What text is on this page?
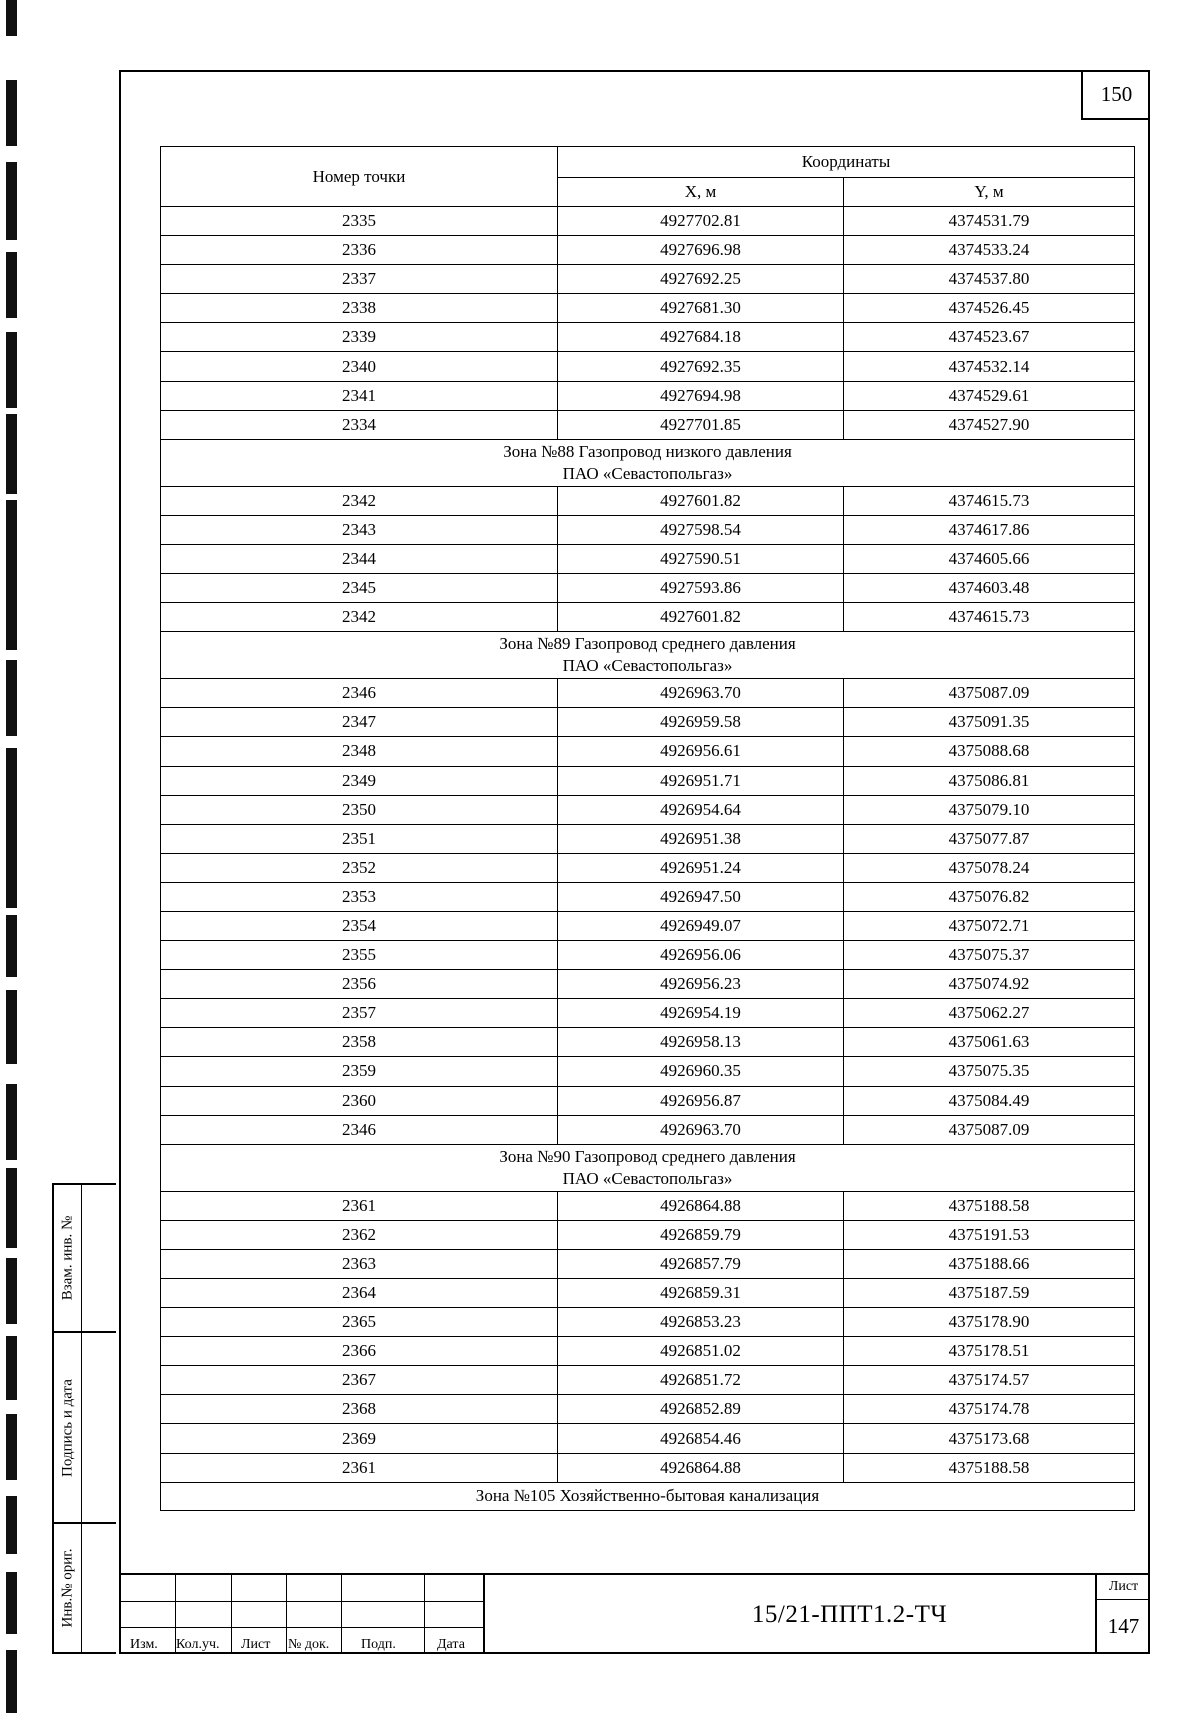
150
Номер точки	Координаты	
	X, м	Y, м
2335	4927702.81	4374531.79
2336	4927696.98	4374533.24
2337	4927692.25	4374537.80
2338	4927681.30	4374526.45
2339	4927684.18	4374523.67
2340	4927692.35	4374532.14
2341	4927694.98	4374529.61
2334	4927701.85	4374527.90

Зона №88 Газопровод низкого давления
ПАО «Севастопольгаз»		

2342	4927601.82	4374615.73
2343	4927598.54	4374617.86
2344	4927590.51	4374605.66
2345	4927593.86	4374603.48
2342	4927601.82	4374615.73

Зона №89 Газопровод среднего давления
ПАО «Севастопольгаз»		

2346	4926963.70	4375087.09
2347	4926959.58	4375091.35
2348	4926956.61	4375088.68
2349	4926951.71	4375086.81
2350	4926954.64	4375079.10
2351	4926951.38	4375077.87
2352	4926951.24	4375078.24
2353	4926947.50	4375076.82
2354	4926949.07	4375072.71
2355	4926956.06	4375075.37
2356	4926956.23	4375074.92
2357	4926954.19	4375062.27
2358	4926958.13	4375061.63
2359	4926960.35	4375075.35
2360	4926956.87	4375084.49
2346	4926963.70	4375087.09

Зона №90 Газопровод среднего давления
ПАО «Севастопольгаз»		

2361	4926864.88	4375188.58
2362	4926859.79	4375191.53
2363	4926857.79	4375188.66
2364	4926859.31	4375187.59
2365	4926853.23	4375178.90
2366	4926851.02	4375178.51
2367	4926851.72	4375174.57
2368	4926852.89	4375174.78
2369	4926854.46	4375173.68
2361	4926864.88	4375188.58

Зона №105 Хозяйственно-бытовая канализация		
Взам. инв. №
Подпись и дата
Инв.№ ориг.
Изм. Кол.уч. Лист № док. Подп.	Дата
15/21-ППТ1.2-ТЧ
Лист
147
